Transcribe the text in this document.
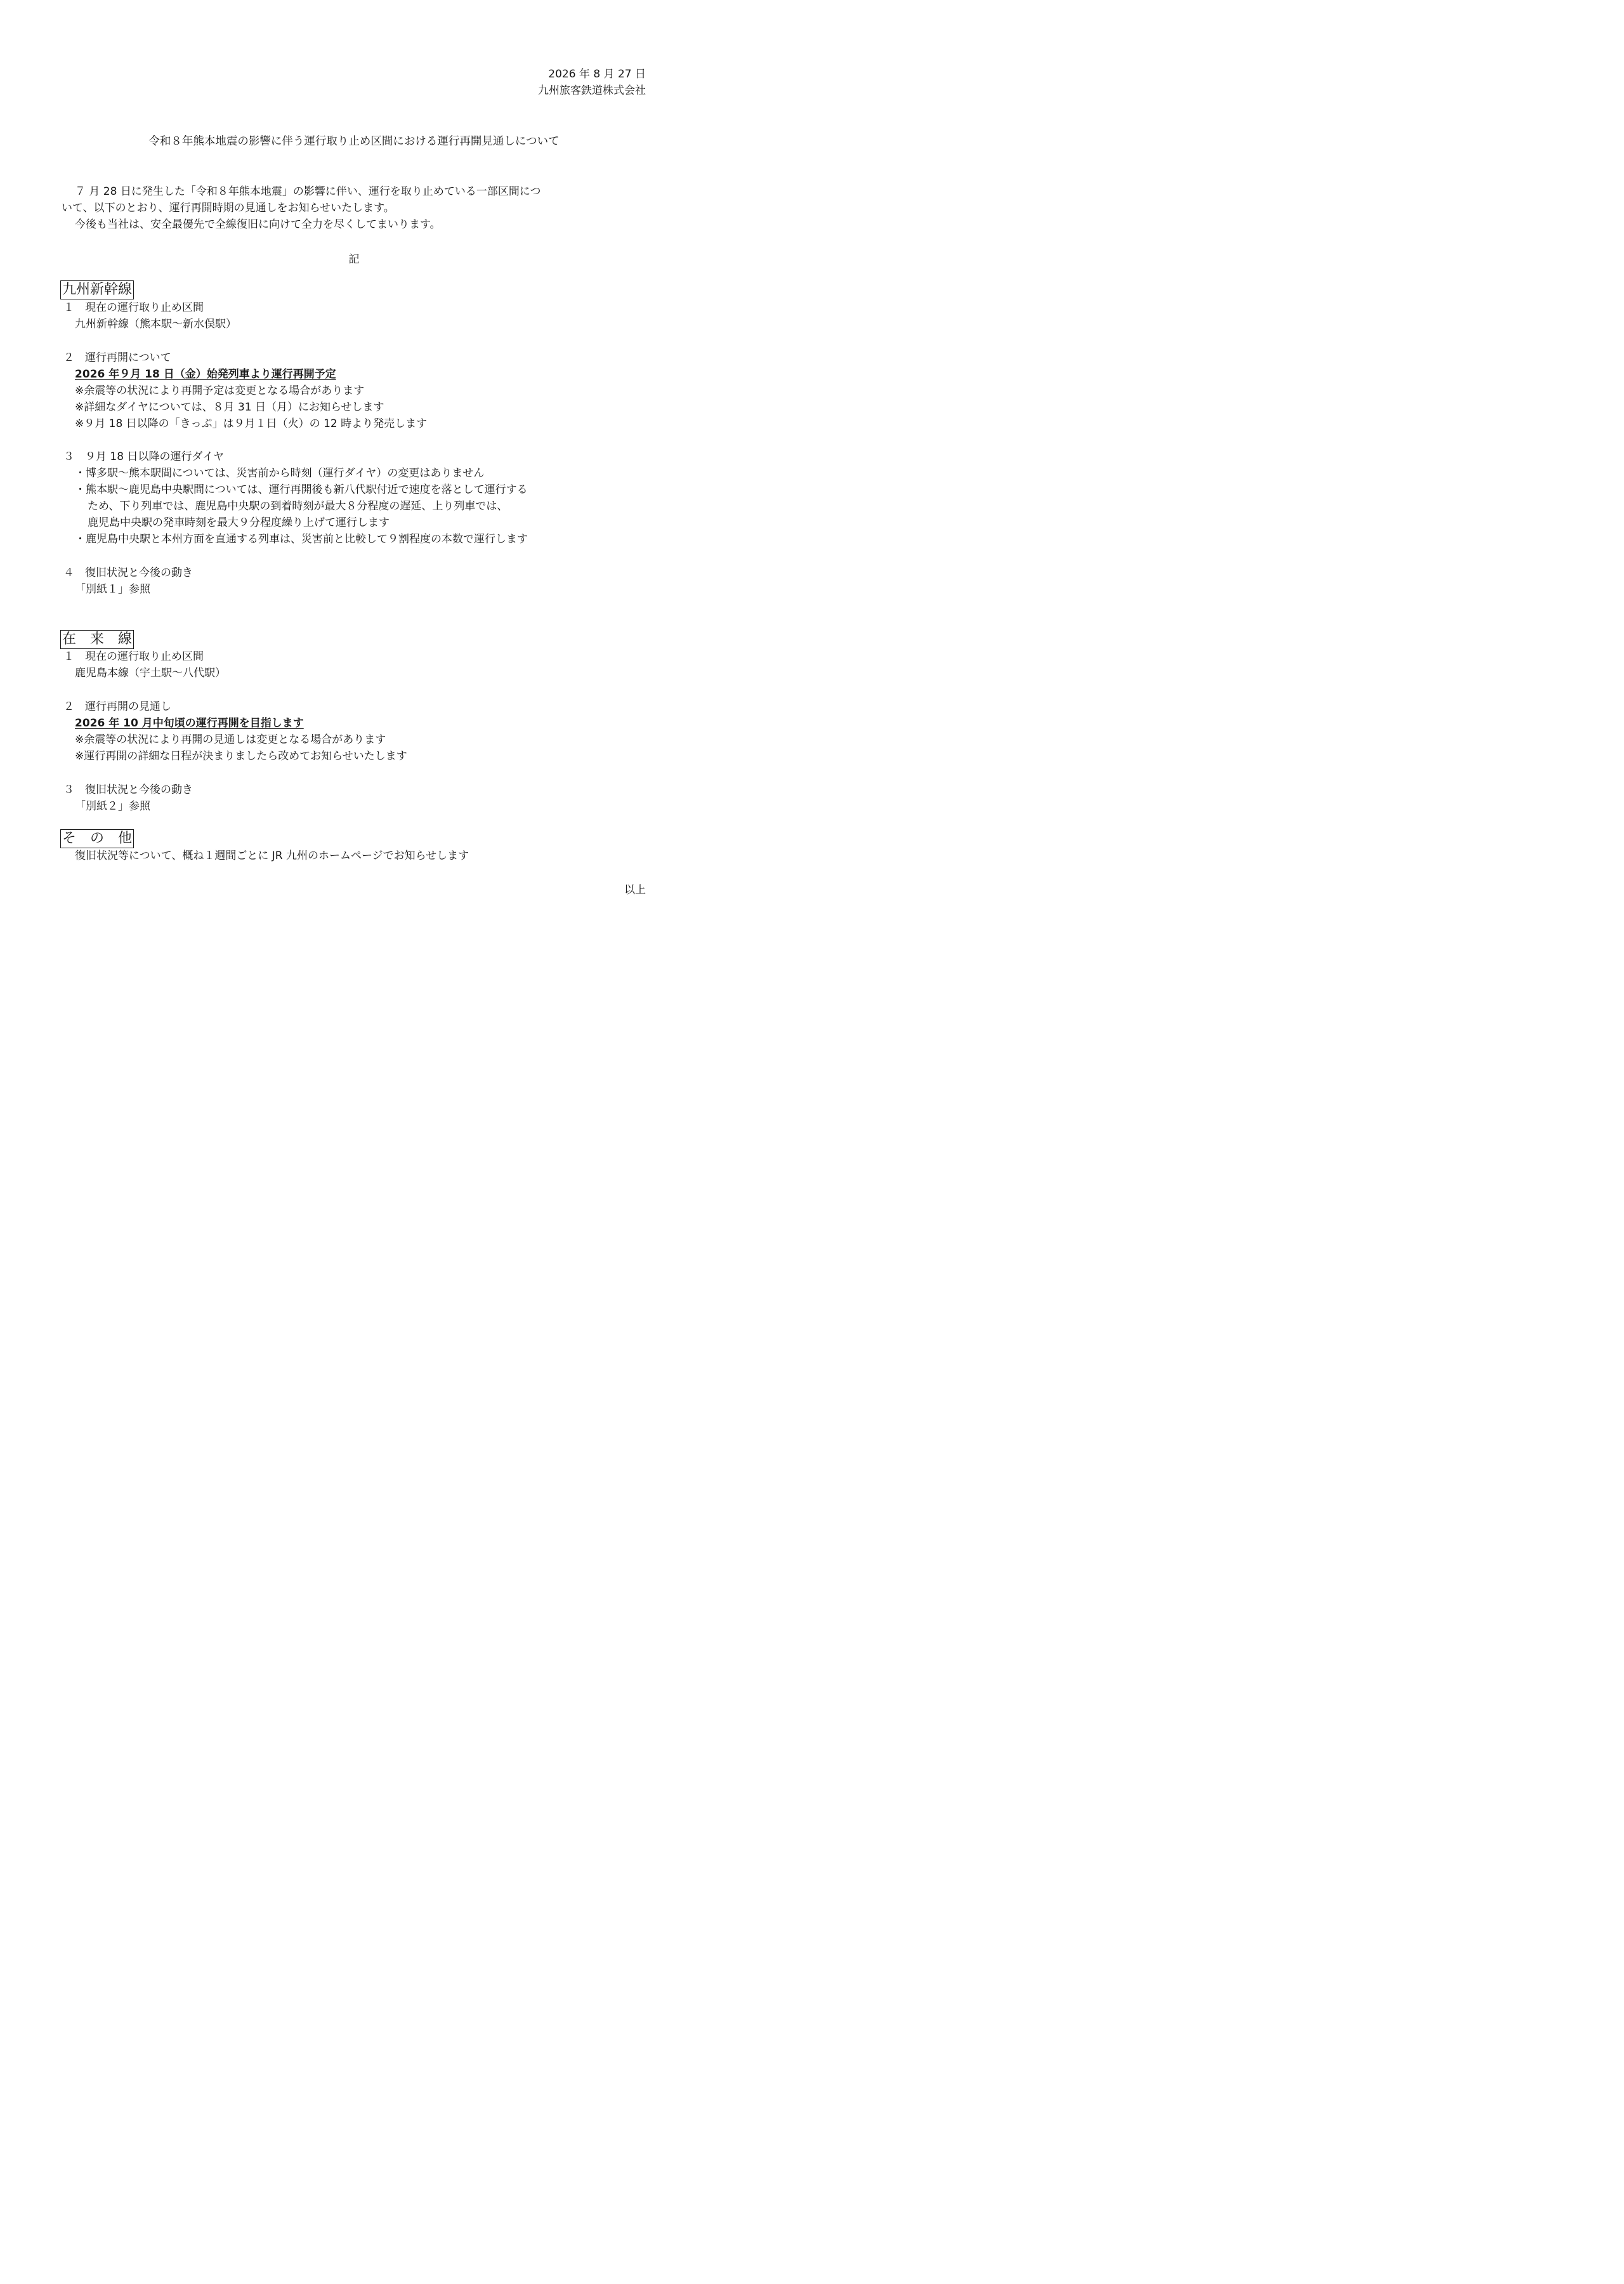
2026 年 8 月 27 日
九州旅客鉄道株式会社
令和８年熊本地震の影響に伴う運行取り止め区間における運行再開見通しについて
７ 月 28 日に発生した「令和８年熊本地震」の影響に伴い、運行を取り止めている一部区間につ
いて、以下のとおり、運行再開時期の見通しをお知らせいたします。
今後も当社は、安全最優先で全線復旧に向けて全力を尽くしてまいります。
記
九州新幹線
１　現在の運行取り止め区間
九州新幹線（熊本駅～新水俣駅）
２　運行再開について
2026 年９月 18 日（金）始発列車より運行再開予定
※余震等の状況により再開予定は変更となる場合があります
※詳細なダイヤについては、８月 31 日（月）にお知らせします
※９月 18 日以降の「きっぷ」は９月１日（火）の 12 時より発売します
３　９月 18 日以降の運行ダイヤ
・博多駅～熊本駅間については、災害前から時刻（運行ダイヤ）の変更はありません
・熊本駅～鹿児島中央駅間については、運行再開後も新八代駅付近で速度を落として運行する
ため、下り列車では、鹿児島中央駅の到着時刻が最大８分程度の遅延、上り列車では、
鹿児島中央駅の発車時刻を最大９分程度繰り上げて運行します
・鹿児島中央駅と本州方面を直通する列車は、災害前と比較して９割程度の本数で運行します
４　復旧状況と今後の動き
「別紙１」参照
在　来　線
１　現在の運行取り止め区間
鹿児島本線（宇土駅～八代駅）
２　運行再開の見通し
2026 年 10 月中旬頃の運行再開を目指します
※余震等の状況により再開の見通しは変更となる場合があります
※運行再開の詳細な日程が決まりましたら改めてお知らせいたします
３　復旧状況と今後の動き
「別紙２」参照
そ　の　他
復旧状況等について、概ね１週間ごとに JR 九州のホームページでお知らせします
以上
